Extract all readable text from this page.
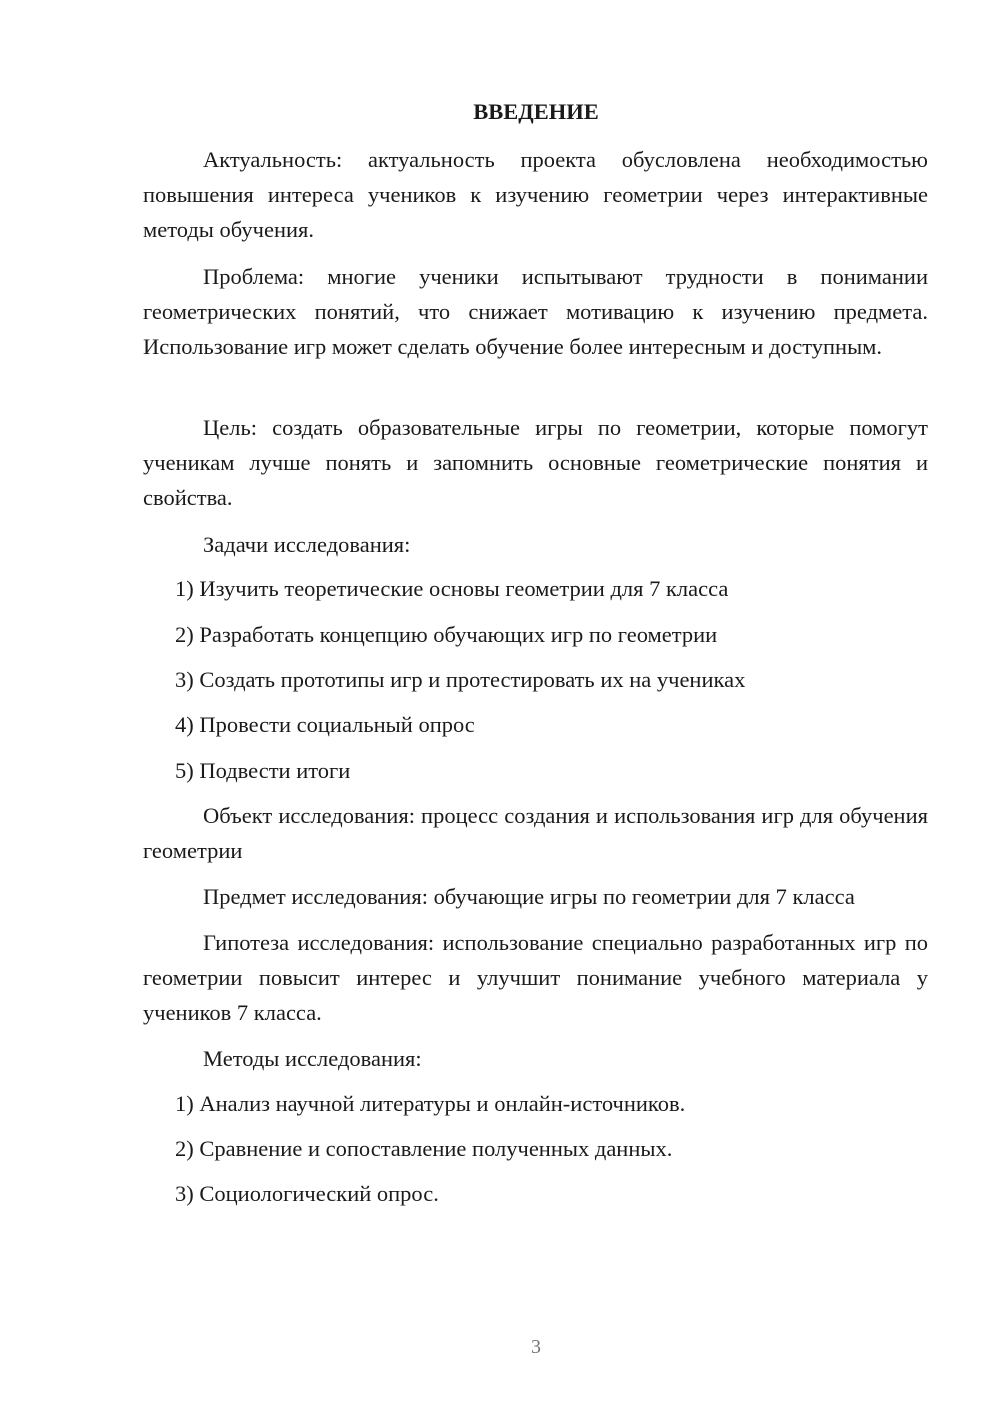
ВВЕДЕНИЕ

Актуальность: актуальность проекта обусловлена необходимостью повышения интереса учеников к изучению геометрии через интерактивные методы обучения.

Проблема: многие ученики испытывают трудности в понимании геометрических понятий, что снижает мотивацию к изучению предмета. Использование игр может сделать обучение более интересным и доступным.

Цель: создать образовательные игры по геометрии, которые помогут ученикам лучше понять и запомнить основные геометрические понятия и свойства.

Задачи исследования:

1) Изучить теоретические основы геометрии для 7 класса

2) Разработать концепцию обучающих игр по геометрии

3) Создать прототипы игр и протестировать их на учениках

4) Провести социальный опрос

5) Подвести итоги

Объект исследования: процесс создания и использования игр для обучения геометрии

Предмет исследования: обучающие игры по геометрии для 7 класса

Гипотеза исследования: использование специально разработанных игр по геометрии повысит интерес и улучшит понимание учебного материала у учеников 7 класса.

Методы исследования:

1) Анализ научной литературы и онлайн-источников.

2) Сравнение и сопоставление полученных данных.

3) Социологический опрос.

3
